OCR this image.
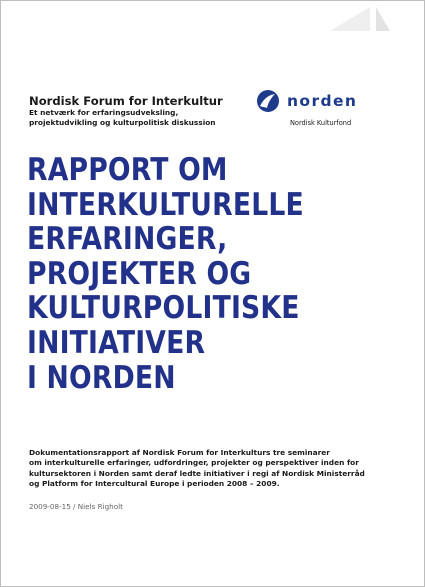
Nordisk Forum for Interkultur
Et netværk for erfaringsudveksling,
projektudvikling og kulturpolitisk diskussion
norden
Nordisk Kulturfond
RAPPORT OM
INTERKULTURELLE
ERFARINGER,
PROJEKTER OG
KULTURPOLITISKE
INITIATIVER
I NORDEN
Dokumentationsrapport af Nordisk Forum for Interkulturs tre seminarer
om interkulturelle erfaringer, udfordringer, projekter og perspektiver inden for
kultursektoren i Norden samt deraf ledte initiativer i regi af Nordisk Ministerråd
og Platform for Intercultural Europe i perioden 2008 – 2009.
2009-08-15 / Niels Righolt
